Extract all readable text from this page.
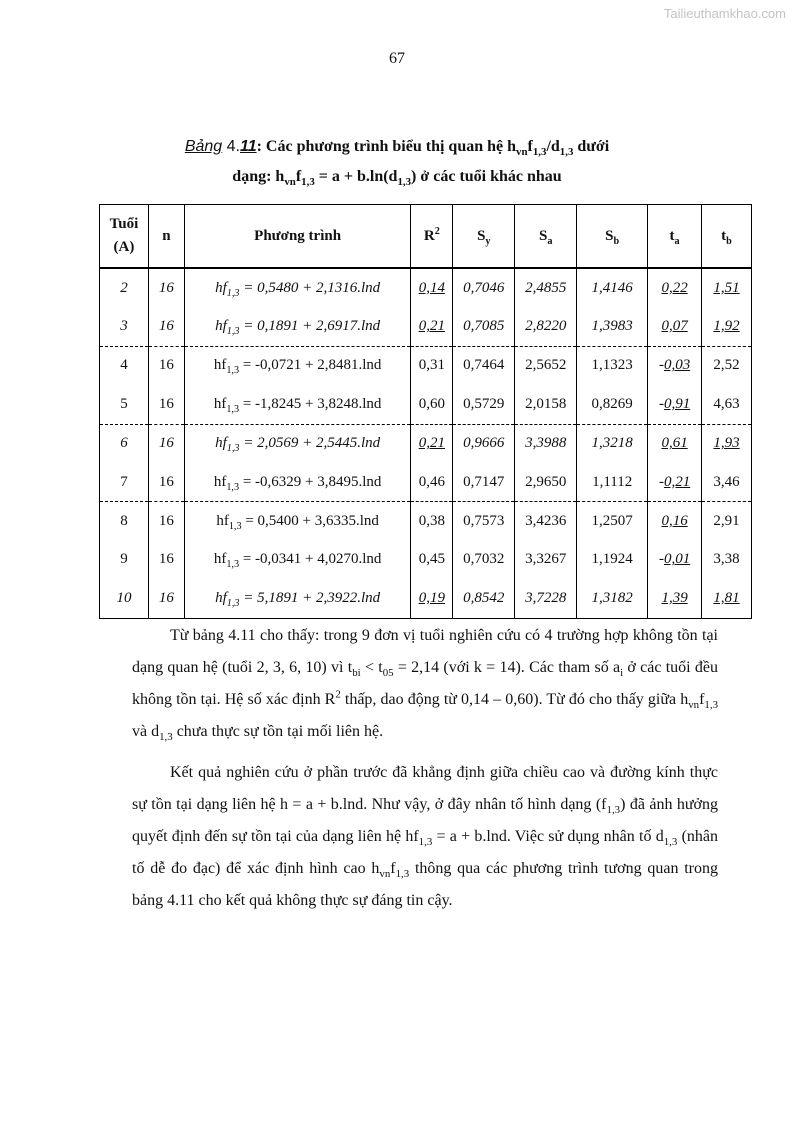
Tailieuthamkhao.com
67
Bảng 4.11: Các phương trình biểu thị quan hệ $h_{vn}f_{1,3}/d_{1,3}$ dưới
dạng: $h_{vn}f_{1,3} = a + b.\ln(d_{1,3})$ ở các tuổi khác nhau
Tuổi
(A)	n	Phương trình	$R^2$	$S_y$	$S_a$	$S_b$	$t_a$	$t_b$
2	16	$hf_{1,3} = 0,5480 + 2,1316.\ln d$	0,14	0,7046	2,4855	1,4146	0,22	1,51
3	16	$hf_{1,3} = 0,1891 + 2,6917.\ln d$	0,21	0,7085	2,8220	1,3983	0,07	1,92
4	16	$hf_{1,3} = -0,0721 + 2,8481.\ln d$	0,31	0,7464	2,5652	1,1323	-0,03	2,52
5	16	$hf_{1,3} = -1,8245 + 3,8248.\ln d$	0,60	0,5729	2,0158	0,8269	-0,91	4,63
6	16	$hf_{1,3} = 2,0569 + 2,5445.\ln d$	0,21	0,9666	3,3988	1,3218	0,61	1,93
7	16	$hf_{1,3} = -0,6329 + 3,8495.\ln d$	0,46	0,7147	2,9650	1,1112	-0,21	3,46
8	16	$hf_{1,3} = 0,5400 + 3,6335.\ln d$	0,38	0,7573	3,4236	1,2507	0,16	2,91
9	16	$hf_{1,3} = -0,0341 + 4,0270.\ln d$	0,45	0,7032	3,3267	1,1924	-0,01	3,38
10	16	$hf_{1,3} = 5,1891 + 2,3922.\ln d$	0,19	0,8542	3,7228	1,3182	1,39	1,81

Từ bảng 4.11 cho thấy: trong 9 đơn vị tuổi nghiên cứu có 4 trường hợp không tồn tại dạng quan hệ (tuổi 2, 3, 6, 10) vì $t_{bi} < t_{05} = 2,14$ (với k = 14). Các tham số $a_i$ ở các tuổi đều không tồn tại. Hệ số xác định $R^2$ thấp, dao động từ 0,14 – 0,60). Từ đó cho thấy giữa $h_{vn}f_{1,3}$ và $d_{1,3}$ chưa thực sự tồn tại mối liên hệ.

Kết quả nghiên cứu ở phần trước đã khẳng định giữa chiều cao và đường kính thực sự tồn tại dạng liên hệ h = a + b.lnd. Như vậy, ở đây nhân tố hình dạng $(f_{1,3})$ đã ảnh hưởng quyết định đến sự tồn tại của dạng liên hệ $hf_{1,3} = a + b.\ln d$. Việc sử dụng nhân tố $d_{1,3}$ (nhân tố dễ đo đạc) để xác định hình cao $h_{vn}f_{1,3}$ thông qua các phương trình tương quan trong bảng 4.11 cho kết quả không thực sự đáng tin cậy.
